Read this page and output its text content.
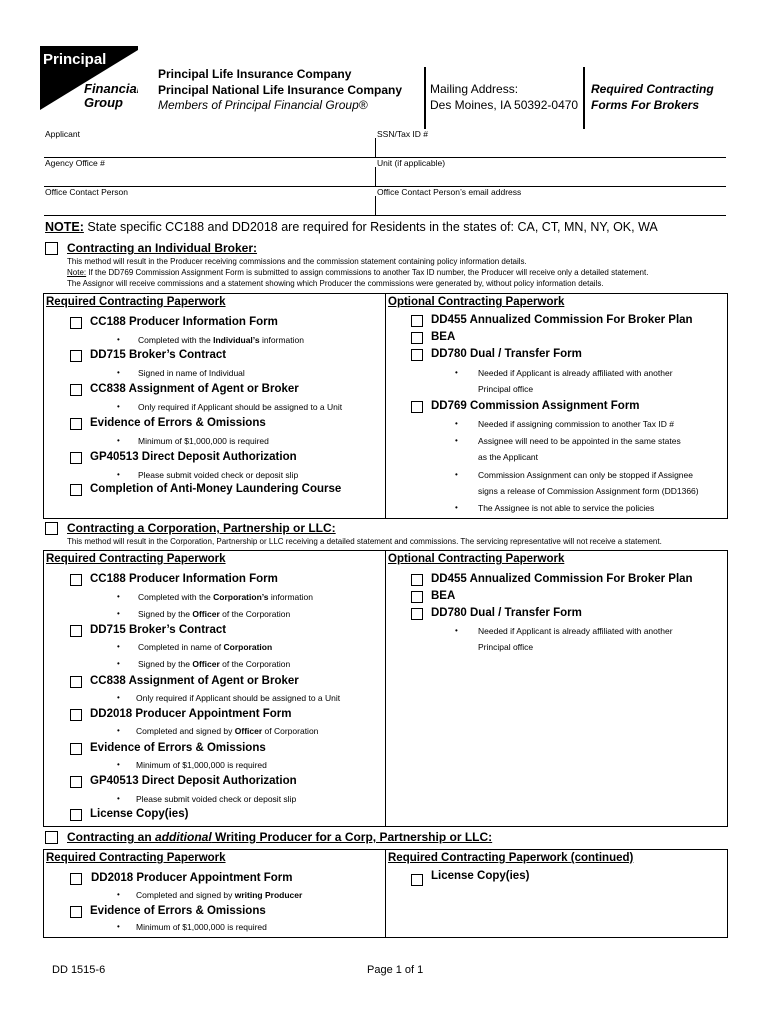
Principal
Financial
Group
Principal Life Insurance Company
Principal National Life Insurance Company
Members of Principal Financial Group®
Mailing Address:
Des Moines, IA 50392-0470
Required Contracting
Forms For Brokers
Applicant	SSN/Tax ID #
Agency Office #	Unit (if applicable)
Office Contact Person	Office Contact Person’s email address
NOTE: State specific CC188 and DD2018 are required for Residents in the states of: CA, CT, MN, NY, OK, WA
Contracting an Individual Broker:
This method will result in the Producer receiving commissions and the commission statement containing policy information details.
Note: If the DD769 Commission Assignment Form is submitted to assign commissions to another Tax ID number, the Producer will receive only a detailed statement.
The Assignor will receive commissions and a statement showing which Producer the commissions were generated by, without policy information details.
Required Contracting Paperwork	Optional Contracting Paperwork
CC188 Producer Information Form
• Completed with the Individual’s information
DD715 Broker’s Contract
• Signed in name of Individual
CC838 Assignment of Agent or Broker
• Only required if Applicant should be assigned to a Unit
Evidence of Errors & Omissions
• Minimum of $1,000,000 is required
GP40513 Direct Deposit Authorization
• Please submit voided check or deposit slip
Completion of Anti-Money Laundering Course
DD455 Annualized Commission For Broker Plan
BEA
DD780 Dual / Transfer Form
• Needed if Applicant is already affiliated with another
Principal office
DD769 Commission Assignment Form
• Needed if assigning commission to another Tax ID #
• Assignee will need to be appointed in the same states
as the Applicant
• Commission Assignment can only be stopped if Assignee
signs a release of Commission Assignment form (DD1366)
• The Assignee is not able to service the policies
Contracting a Corporation, Partnership or LLC:
This method will result in the Corporation, Partnership or LLC receiving a detailed statement and commissions. The servicing representative will not receive a statement.
Required Contracting Paperwork	Optional Contracting Paperwork
CC188 Producer Information Form
• Completed with the Corporation’s information
• Signed by the Officer of the Corporation
DD715 Broker’s Contract
• Completed in name of Corporation
• Signed by the Officer of the Corporation
CC838 Assignment of Agent or Broker
• Only required if Applicant should be assigned to a Unit
DD2018 Producer Appointment Form
• Completed and signed by Officer of Corporation
Evidence of Errors & Omissions
• Minimum of $1,000,000 is required
GP40513 Direct Deposit Authorization
• Please submit voided check or deposit slip
License Copy(ies)
DD455 Annualized Commission For Broker Plan
BEA
DD780 Dual / Transfer Form
• Needed if Applicant is already affiliated with another
Principal office
Contracting an additional Writing Producer for a Corp, Partnership or LLC:
Required Contracting Paperwork	Required Contracting Paperwork (continued)
DD2018 Producer Appointment Form
• Completed and signed by writing Producer
Evidence of Errors & Omissions
• Minimum of $1,000,000 is required
License Copy(ies)
DD 1515-6	Page 1 of 1
